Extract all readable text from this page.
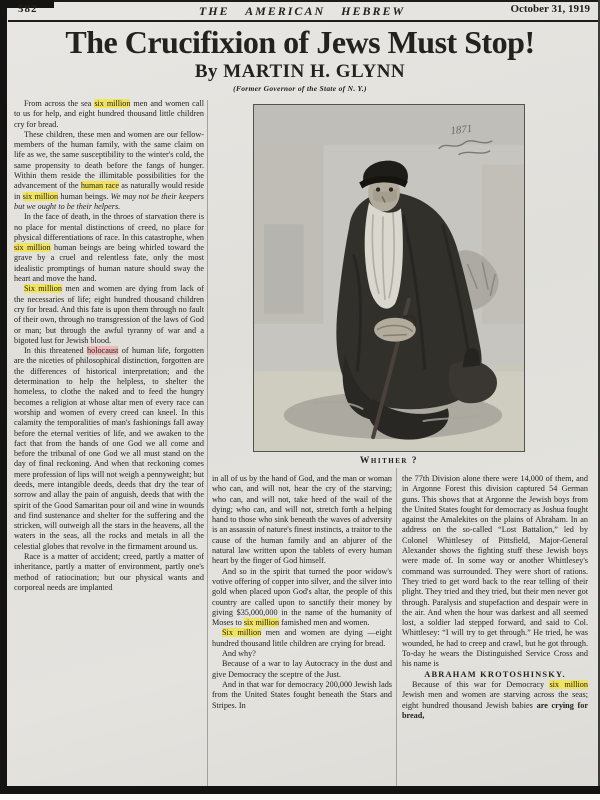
582	THE AMERICAN HEBREW	October 31, 1919
The Crucifixion of Jews Must Stop!
By MARTIN H. GLYNN
(Former Governor of the State of N. Y.)

From across the sea six million men and women call to us for help, and eight hundred thousand little children cry for bread.

These children, these men and women are our fellow-members of the human family, with the same claim on life as we, the same susceptibility to the winter's cold, the same propensity to death before the fangs of hunger. Within them reside the illimitable possibilities for the advancement of the human race as naturally would reside in six million human beings. We may not be their keepers but we ought to be their helpers.

In the face of death, in the throes of starvation there is no place for mental distinctions of creed, no place for physical differentiations of race. In this catastrophe, when six million human beings are being whirled toward the grave by a cruel and relentless fate, only the most idealistic promptings of human nature should sway the heart and move the hand.

Six million men and women are dying from lack of the necessaries of life; eight hundred thousand children cry for bread. And this fate is upon them through no fault of their own, through no transgression of the laws of God or man; but through the awful tyranny of war and a bigoted lust for Jewish blood.

In this threatened holocaust of human life, forgotten are the niceties of philosophical distinction, forgotten are the differences of historical interpretation; and the determination to help the helpless, to shelter the homeless, to clothe the naked and to feed the hungry becomes a religion at whose altar men of every race can worship and women of every creed can kneel. In this calamity the temporalities of man's fashionings fall away before the eternal verities of life, and we awaken to the fact that from the hands of one God we all come and before the tribunal of one God we all must stand on the day of final reckoning. And when that reckoning comes mere profession of lips will not weigh a pennyweight; but deeds, mere intangible deeds, deeds that dry the tear of sorrow and allay the pain of anguish, deeds that with the spirit of the Good Samaritan pour oil and wine in wounds and find sustenance and shelter for the suffering and the stricken, will outweigh all the stars in the heavens, all the waters in the seas, all the rocks and metals in all the celestial globes that revolve in the firmament around us.

Race is a matter of accident; creed, partly a matter of inheritance, partly a matter of environment, partly one's method of ratiocination; but our physical wants and corporeal needs are implanted

1871
Whither ?

in all of us by the hand of God, and the man or woman who can, and will not, hear the cry of the starving; who can, and will not, take heed of the wail of the dying; who can, and will not, stretch forth a helping hand to those who sink beneath the waves of adversity is an assassin of nature's finest instincts, a traitor to the cause of the human family and an abjurer of the natural law written upon the tablets of every human heart by the finger of God himself.

And so in the spirit that turned the poor widow's votive offering of copper into silver, and the silver into gold when placed upon God's altar, the people of this country are called upon to sanctify their money by giving $35,000,000 in the name of the humanity of Moses to six million famished men and women.

Six million men and women are dying —eight hundred thousand little children are crying for bread.

And why?

Because of a war to lay Autocracy in the dust and give Democracy the sceptre of the Just.

And in that war for democracy 200,000 Jewish lads from the United States fought beneath the Stars and Stripes. In

the 77th Division alone there were 14,000 of them, and in Argonne Forest this division captured 54 German guns. This shows that at Argonne the Jewish boys from the United States fought for democracy as Joshua fought against the Amalekites on the plains of Abraham. In an address on the so-called “Lost Battalion,” led by Colonel Whittlesey of Pittsfield, Major-General Alexander shows the fighting stuff these Jewish boys were made of. In some way or another Whittlesey's command was surrounded. They were short of rations. They tried to get word back to the rear telling of their plight. They tried and they tried, but their men never got through. Paralysis and stupefaction and despair were in the air. And when the hour was darkest and all seemed lost, a soldier lad stepped forward, and said to Col. Whittlesey: “I will try to get through.” He tried, he was wounded, he had to creep and crawl, but he got through. To-day he wears the Distinguished Service Cross and his name is

ABRAHAM KROTOSHINSKY.

Because of this war for Democracy six million Jewish men and women are starving across the seas; eight hundred thousand Jewish babies are crying for bread,
